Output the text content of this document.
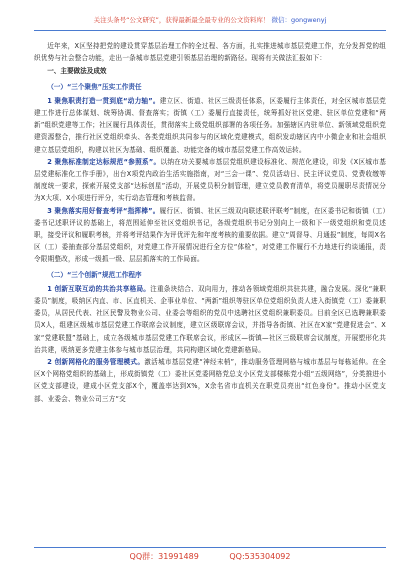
关注头条号“公文研究”，获得最新最全最专业的公文资料库！ 微信：gongwenyj

近年来，X区坚持把党的建设贯穿基层治理工作的全过程、各方面，扎实推进城市基层党建工作，充分发挥党的组织优势与社会整合功能，走出一条城市基层党建引领基层治理的新路径。现将有关做法汇报如下：

一、主要做法及成效

（一）“三个聚焦”压实工作责任

1 聚焦职责打造一贯到底“动力轴”。建立区、街道、社区三级责任体系，区委履行主体责任，对全区城市基层党建工作进行总体谋划、统筹协调、督查落实；街镇（工）委履行直接责任，统筹抓好社区党建、驻区单位党建和“两新”组织党建等工作；社区履行具体责任，贯彻落实上级党组织部署的各项任务。加强辖区内驻单位、新领域党组织党建资源整合，推行社区党组织牵头、各类党组织共同参与的区域化党建模式，组织发动辖区内中小微企业和社会组织建立基层党组织，构建以社区为基础、组织覆盖、功能完备的城市基层党建工作高效运转。

2 聚焦标准制定达标规范“参照系”。以纳在功关要城市基层党组织建设标准化、规范化建设，印发《X区城市基层党建标准化工作手册》，出台X项党内政治生活实施指南，对“三会一课”、党员活动日、民主评议党员、党费收缴等制度统一要求，探索开展党支部“达标创星”活动，开展党员积分制管理，建立党员教育清单，将党员履职尽责情况分为X大项、X小项进行评分，实行动态管理和考核监督。

3 聚焦落实用好督查考评“指挥棒”。履行区、街镇、社区三级双向联述联评联考”制度，在区委书记和街镇（工）委书记述职评议的基础上，将范围延伸至社区党组织书记，各级党组织书记分别向上一级和下一级党组织和党员述职，接受评议和履职考核，并将考评结果作为评优评先和年度考核的重要依据。建立“周督导、月通报”制度，每周X名区（工）委抽查部分基层党组织，对党建工作开展情况进行全方位“体检”，对党建工作履行不力地进行约谈通报，责令限期整改，形成一级抓一级、层层抓落实的工作局面。

（二）“三个创新”规范工作程序

1 创新互联互动的共治共享格局。注重条块结合、双向用力，推动各领域党组织共驻共建，融合发展。深化“兼职委员”制度，吸纳区内直、市、区直机关、企事业单位、“两新”组织等驻区单位党组织负责人进入街镇党（工）委兼职委员，从居民代表、社区民警及物业公司、业委会等组织的党员中选聘社区党组织兼职委员。目前全区已选聘兼职委员X人，组建区级城市基层党建工作联席会议制度，建立区级联席会议，并指导各街镇、社区在X家“党建促进会”、X家“党建联盟”基础上，成立各级城市基层党建工作联席会议，形成区—街镇—社区三级联席会议制度，开展塑形化共治共建，吸纳更多党建主体参与城市基层治理，共同构建区域化党建新格局。

2 创新网格化的服务管理模式。激活城市基层党建“神经末梢”，推动服务管理网格与城市基层与每栋延伸。在全区X个网格党组织的基础上，形成街镇党（工）委社区党委网格党总支小区党支部楼栋党小组“五级网络”，分类推进小区党支部建设，建成小区党支部X个，覆盖率达到X%，X余名省市直机关在职党员亮出“红色身份”。推动小区党支部、业委会、物业公司三方“交

QQ群：31991489	QQ:535304092
